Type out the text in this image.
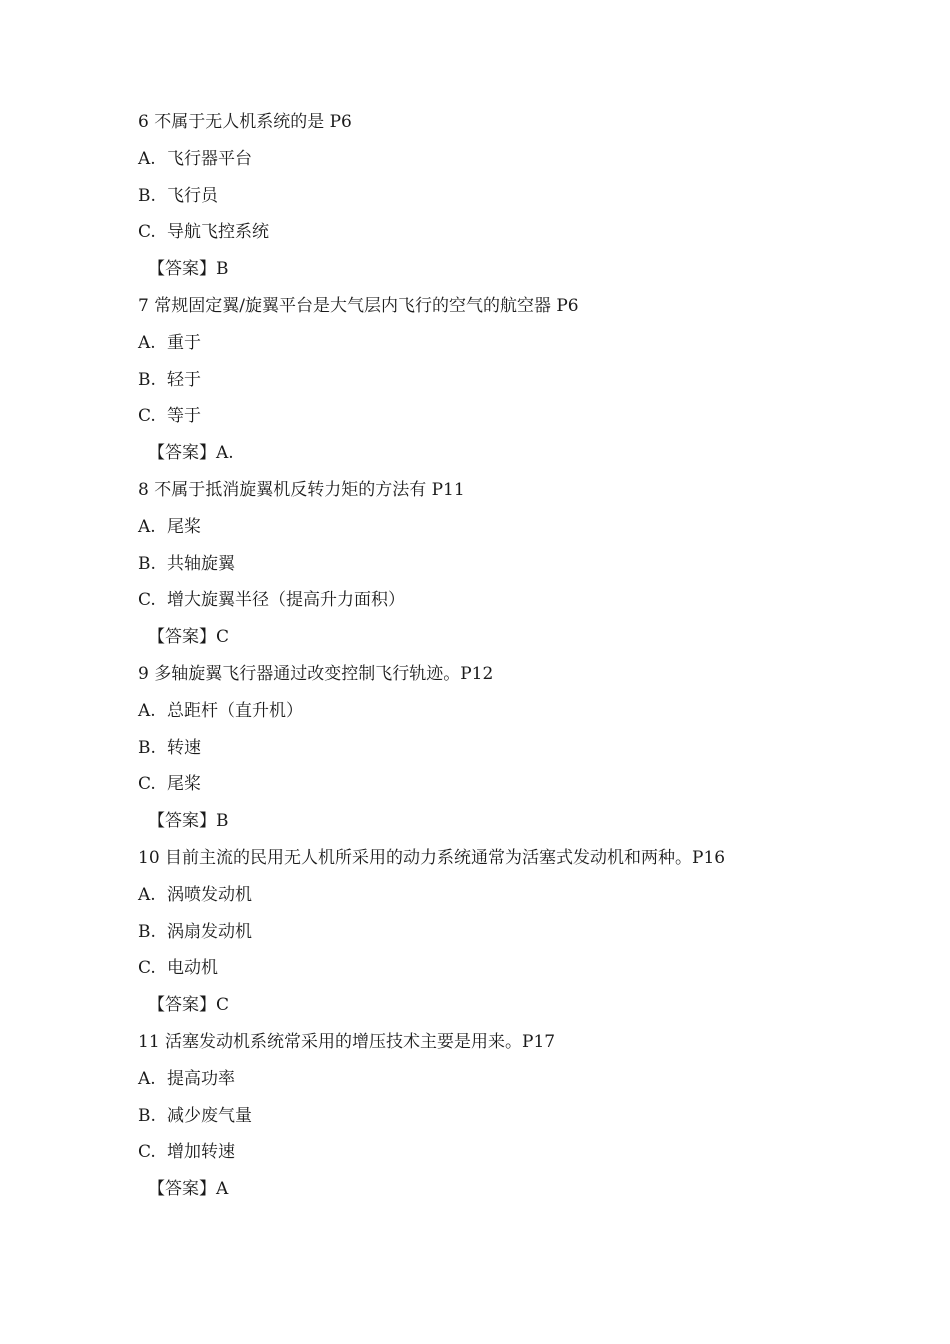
6 不属于无人机系统的是 P6
A. 飞行器平台
B. 飞行员
C. 导航飞控系统
【答案】B
7 常规固定翼/旋翼平台是大气层内飞行的空气的航空器 P6
A. 重于
B. 轻于
C. 等于
【答案】A.
8 不属于抵消旋翼机反转力矩的方法有 P11
A. 尾桨
B. 共轴旋翼
C. 增大旋翼半径（提高升力面积）
【答案】C
9 多轴旋翼飞行器通过改变控制飞行轨迹。P12
A. 总距杆（直升机）
B. 转速
C. 尾桨
【答案】B
10 目前主流的民用无人机所采用的动力系统通常为活塞式发动机和两种。P16
A. 涡喷发动机
B. 涡扇发动机
C. 电动机
【答案】C
11 活塞发动机系统常采用的增压技术主要是用来。P17
A. 提高功率
B. 减少废气量
C. 增加转速
【答案】A
